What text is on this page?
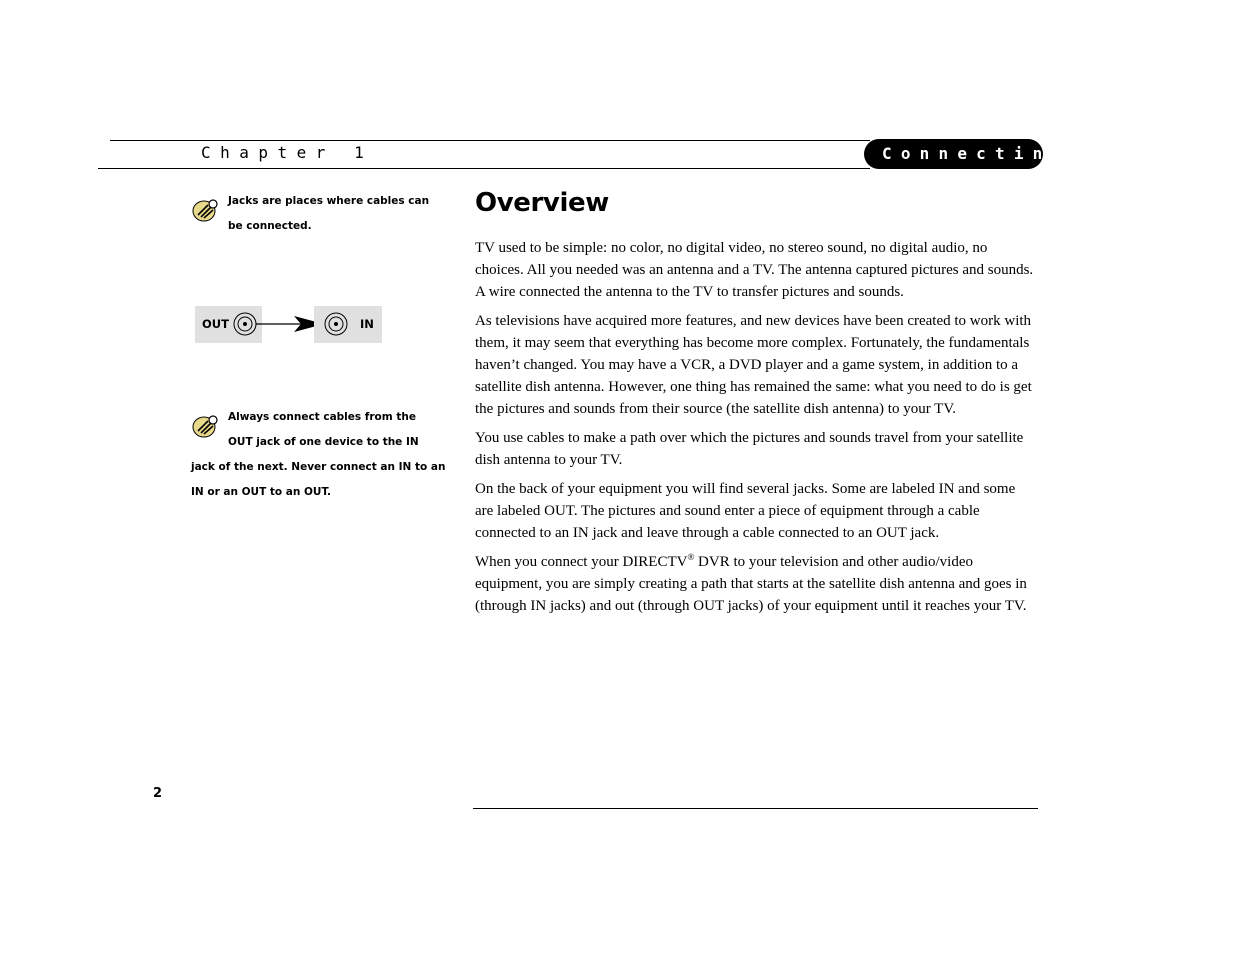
Chapter 1	Connecting
Jacks are places where cables can
be connected.
OUT	IN
Always connect cables from the
OUT jack of one device to the IN
jack of the next. Never connect an IN to an
IN or an OUT to an OUT.
Overview

TV used to be simple: no color, no digital video, no stereo sound, no digital audio, no choices. All you needed was an antenna and a TV. The antenna captured pictures and sounds. A wire connected the antenna to the TV to transfer pictures and sounds.

As televisions have acquired more features, and new devices have been created to work with them, it may seem that everything has become more complex. Fortunately, the fundamentals haven’t changed. You may have a VCR, a DVD player and a game system, in addition to a satellite dish antenna. However, one thing has remained the same: what you need to do is get the pictures and sounds from their source (the satellite dish antenna) to your TV.

You use cables to make a path over which the pictures and sounds travel from your satellite dish antenna to your TV.

On the back of your equipment you will find several jacks. Some are labeled IN and some are labeled OUT. The pictures and sound enter a piece of equipment through a cable connected to an IN jack and leave through a cable connected to an OUT jack.

When you connect your DIRECTV® DVR to your television and other audio/video equipment, you are simply creating a path that starts at the satellite dish antenna and goes in (through IN jacks) and out (through OUT jacks) of your equipment until it reaches your TV.

2
